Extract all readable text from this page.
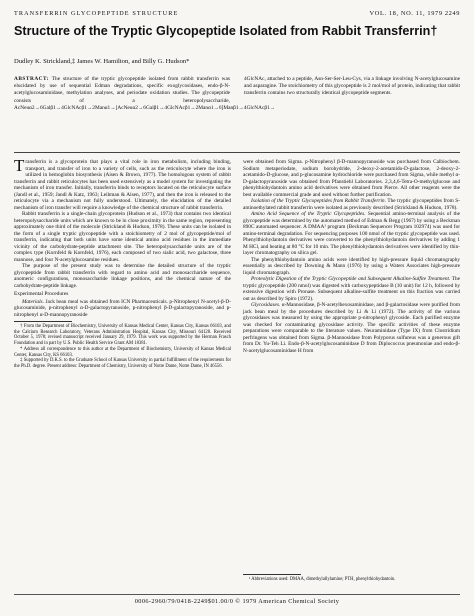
TRANSFERRIN GLYCOPEPTIDE STRUCTURE	VOL. 18, NO. 11, 1979 2249
Structure of the Tryptic Glycopeptide Isolated from Rabbit Transferrin†
Dudley K. Strickland,‡ James W. Hamilton, and Billy G. Hudson*
ABSTRACT: The structure of the tryptic glycopeptide isolated from rabbit transferrin was elucidated by use of sequential Edman degradations, specific exoglycosidases, endo-β-N-acetylglucosaminidase, methylation analyses, and periodate oxidation studies. The glycopeptide consists of a heteropolysaccharide, AcNeuα2→6Galβ1→4GlcNAcβ1→2Manα1→[AcNeuα2→6Galβ1→4GlcNAcβ1→2Manα1→6]Manβ1→4GlcNAcβ1→
4GlcNAc, attached to a peptide, Asn-Ser-Ser-Leu-Cys, via a linkage involving N-acetylglucosamine and asparagine. The stoichiometry of this glycopeptide is 2 mol/mol of protein, indicating that rabbit transferrin contains two structurally identical glycopeptide segments.

Transferrin is a glycoprotein that plays a vital role in iron metabolism, including binding, transport, and transfer of iron to a variety of cells, such as the reticulocyte where the iron is utilized in hemoglobin biosynthesis (Aisen & Brown, 1977). The homologous system of rabbit transferrin and rabbit reticulocytes has been used extensively as a model system for investigating the mechanism of iron transfer. Initially, transferrin binds to receptors located on the reticulocyte surface (Jandl et al., 1959; Jandl & Katz, 1963; Leibman & Aisen, 1977), and then the iron is released to the reticulocyte via a mechanism not fully understood. Ultimately, the elucidation of the detailed mechanism of iron transfer will require a knowledge of the chemical structure of rabbit transferrin.

Rabbit transferrin is a single-chain glycoprotein (Hudson et al., 1973) that contains two identical heteropolysaccharide units which are known to be in close proximity in the same region, representing approximately one third of the molecule (Strickland & Hudson, 1978). These units can be isolated in the form of a single tryptic glycopeptide with a stoichiometry of 2 mol of glycopeptide/mol of transferrin, indicating that both units have some identical amino acid residues in the immediate vicinity of the carbohydrate-peptide attachment site. The heteropolysaccharide units are of the complex type (Kornfeld & Kornfeld, 1976), each composed of two sialic acid, two galactose, three mannose, and four N-acetylglucosamine residues.

The purpose of the present study was to determine the detailed structure of the tryptic glycopeptide from rabbit transferrin with regard to amino acid and monosaccharide sequence, anomeric configurations, monosaccharide linkage positions, and the chemical nature of the carbohydrate-peptide linkage.

Experimental Procedures

Materials. Jack bean meal was obtained from ICN Pharmaceuticals. p-Nitrophenyl N-acetyl-β-D-glucosaminide, p-nitrophenyl α-D-galactopyranoside, p-nitrophenyl β-D-galactopyranoside, and p-nitrophenyl α-D-mannopyranoside

† From the Department of Biochemistry, University of Kansas Medical Center, Kansas City, Kansas 66103, and the Calcium Research Laboratory, Veterans Administration Hospital, Kansas City, Missouri 64128. Received October 5, 1978; revised manuscript received January 29, 1979. This work was supported by the Herman Frasch Foundation and in part by U.S. Public Health Service Grant AM 18381.
* Address all correspondence to this author at the Department of Biochemistry, University of Kansas Medical Center, Kansas City, KS 66103.
‡ Supported by D.K.S. to the Graduate School of Kansas University in partial fulfillment of the requirements for the Ph.D. degree. Present address: Department of Chemistry, University of Notre Dame, Notre Dame, IN 46556.

were obtained from Sigma. p-Nitrophenyl β-D-mannopyranoside was purchased from Calbiochem. Sodium metaperiodate, sodium borohydride, 2-deoxy-2-acetamido-D-galactose, 2-deoxy-2-acetamido-D-glucose, and p-glucosamine hydrochloride were purchased from Sigma, while methyl α-D-galactopyranoside was obtained from Pfanstiehl Laboratories. 2,3,4,6-Tetra-O-methylglucose and phenylthiohydantoin amino acid derivatives were obtained from Pierce. All other reagents were the best available commercial grade and used without further purification.

Isolation of the Tryptic Glycopeptides from Rabbit Transferrin. The tryptic glycopeptides from S-aminoethylated rabbit transferrin were isolated as previously described (Strickland & Hudson, 1978).

Amino Acid Sequence of the Tryptic Glycopeptides. Sequential amino-terminal analysis of the glycopeptide was determined by the automated method of Edman & Begg (1967) by using a Beckman 890C automated sequencer. A DMAA¹ program (Beckman Sequencer Program 102974) was used for amino-terminal degradation. For sequencing purposes 100 nmol of the tryptic glycopeptide was used. Phenylthiohydantoin derivatives were converted to the phenylthiohydantoin derivatives by adding 1 M HCl, and heating at 80 °C for 10 min. The phenylthiohydantoin derivatives were identified by thin-layer chromatography on silica gel.

The phenylthiohydantoin amino acids were identified by high-pressure liquid chromatography essentially as described by Downing & Mann (1976) by using a Waters Associates high-pressure liquid chromatograph.

Proteolytic Digestion of the Tryptic Glycopeptide and Subsequent Alkaline-Sulfite Treatment. The tryptic glycopeptide (200 nmol) was digested with carboxypeptidase B (10 unit) for 12 h, followed by extensive digestion with Pronase. Subsequent alkaline-sulfite treatment on this fraction was carried out as described by Spiro (1972).

Glycosidases. α-Mannosidase, β-N-acetylhexosaminidase, and β-galactosidase were purified from jack bean meal by the procedures described by Li & Li (1972). The activity of the various glycosidases was measured by using the appropriate p-nitrophenyl glycoside. Each purified enzyme was checked for contaminating glycosidase activity. The specific activities of these enzyme preparations were comparable to the literature values. Neuraminidase (Type IX) from Clostridium perfringens was obtained from Sigma. β-Mannosidase from Polyporus sulfureus was a generous gift from Dr. Yu-Teh Li. Endo-β-N-acetylglucosaminidase D from Diplococcus pneumoniae and endo-β-N-acetylglucosaminidase H from

¹ Abbreviations used: DMAA, dimethylallylamine; PTH, phenylthiohydantoin.
0006-2960/79/0418-2249$01.00/0 © 1979 American Chemical Society
